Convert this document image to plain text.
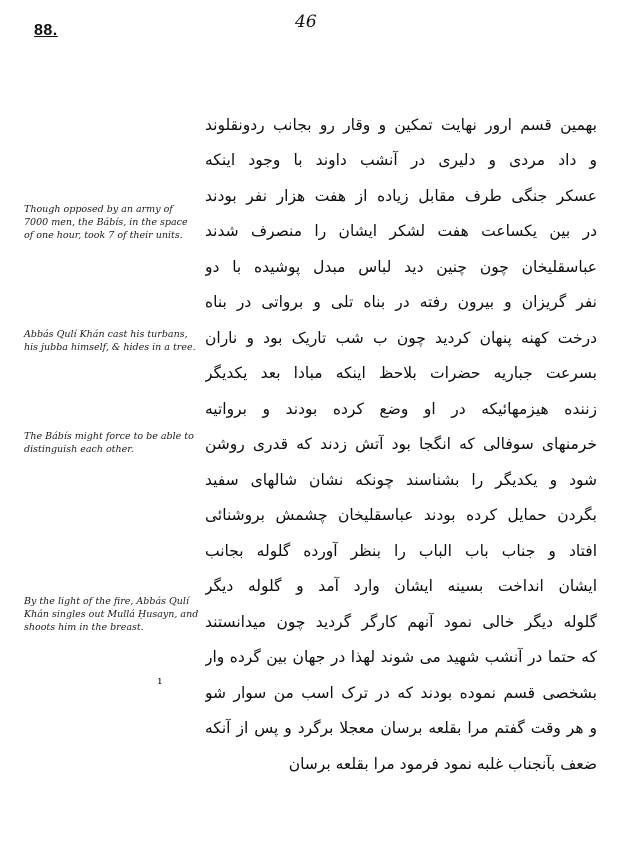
88.	46
Though opposed by an army of 7000 men, the Bábís, in the space of one hour, took 7 of their units.
Abbás Qulí Khán cast his turbans, his jubba himself, & hides in a tree.
The Bábís might force to be able to distinguish each other.
By the light of the fire, Abbás Qulí Khán singles out Mullá Ḥusayn, and shoots him in the breast.
ı
بهمین قسم ارور نهایت تمکین و وقار رو بجانب ردونقلوند
و داد مردی و دلیری در آنشب داوند با وجود اینکه
عسکر جنگی طرف مقابل زیاده از هفت هزار نفر بودند
در بین یکساعت هفت لشکر ایشان را منصرف شدند
عباسقلیخان چون چنین دید لباس مبدل پوشیده با دو
نفر گریزان و بیرون رفته در بناه تلی و برواتی در بناه
درخت کهنه پنهان کردید چون ب شب تاریک بود و ناران
بسرعت جباریه حضرات بلاحظ اینکه مبادا بعد یکدیگر
زننده هیزمهائیکه در او وضع کرده بودند و برواتیه
خرمنهای سوفالی که انگجا بود آتش زدند که قدری روشن
شود و یکدیگر را بشناسند چونکه نشان شالهای سفید
بگردن حمایل کرده بودند عباسقلیخان چشمش بروشنائی
افتاد و جناب باب الباب را بنظر آورده گلوله بجانب
ایشان انداخت بسینه ایشان وارد آمد و گلوله دیگر
گلوله دیگر خالی نمود آنهم کارگر گردید چون میدانستند
که حتما در آنشب شهید می شوند لهذا در جهان بین گرده وار
بشخصی قسم نموده بودند که در ترک اسب من سوار شو
و هر وقت گفتم مرا بقلعه برسان معجلا برگرد و پس از آنکه
ضعف بآنجناب غلبه نمود فرمود مرا بقلعه برسان
